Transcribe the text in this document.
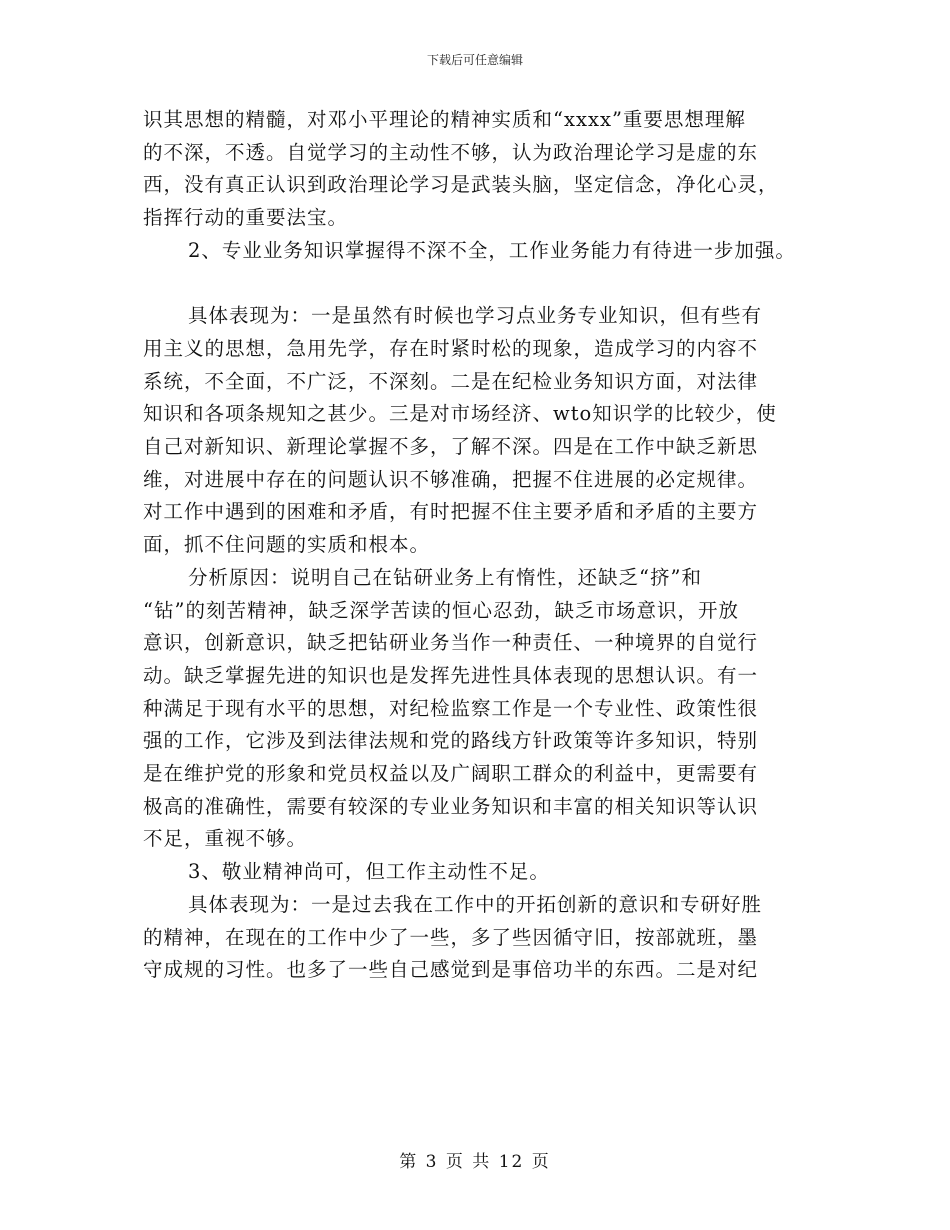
下载后可任意编辑
识其思想的精髓，对邓小平理论的精神实质和“xxxx”重要思想理解
的不深，不透。自觉学习的主动性不够，认为政治理论学习是虚的东
西，没有真正认识到政治理论学习是武装头脑，坚定信念，净化心灵，
指挥行动的重要法宝。
2、专业业务知识掌握得不深不全，工作业务能力有待进一步加强。
具体表现为：一是虽然有时候也学习点业务专业知识，但有些有
用主义的思想，急用先学，存在时紧时松的现象，造成学习的内容不
系统，不全面，不广泛，不深刻。二是在纪检业务知识方面，对法律
知识和各项条规知之甚少。三是对市场经济、wto知识学的比较少，使
自己对新知识、新理论掌握不多，了解不深。四是在工作中缺乏新思
维，对进展中存在的问题认识不够准确，把握不住进展的必定规律。
对工作中遇到的困难和矛盾，有时把握不住主要矛盾和矛盾的主要方
面，抓不住问题的实质和根本。
分析原因：说明自己在钻研业务上有惰性，还缺乏“挤”和
“钻”的刻苦精神，缺乏深学苦读的恒心忍劲，缺乏市场意识，开放
意识，创新意识，缺乏把钻研业务当作一种责任、一种境界的自觉行
动。缺乏掌握先进的知识也是发挥先进性具体表现的思想认识。有一
种满足于现有水平的思想，对纪检监察工作是一个专业性、政策性很
强的工作，它涉及到法律法规和党的路线方针政策等许多知识，特别
是在维护党的形象和党员权益以及广阔职工群众的利益中，更需要有
极高的准确性，需要有较深的专业业务知识和丰富的相关知识等认识
不足，重视不够。
3、敬业精神尚可，但工作主动性不足。
具体表现为：一是过去我在工作中的开拓创新的意识和专研好胜
的精神，在现在的工作中少了一些，多了些因循守旧，按部就班，墨
守成规的习性。也多了一些自己感觉到是事倍功半的东西。二是对纪
第 3 页 共 12 页
